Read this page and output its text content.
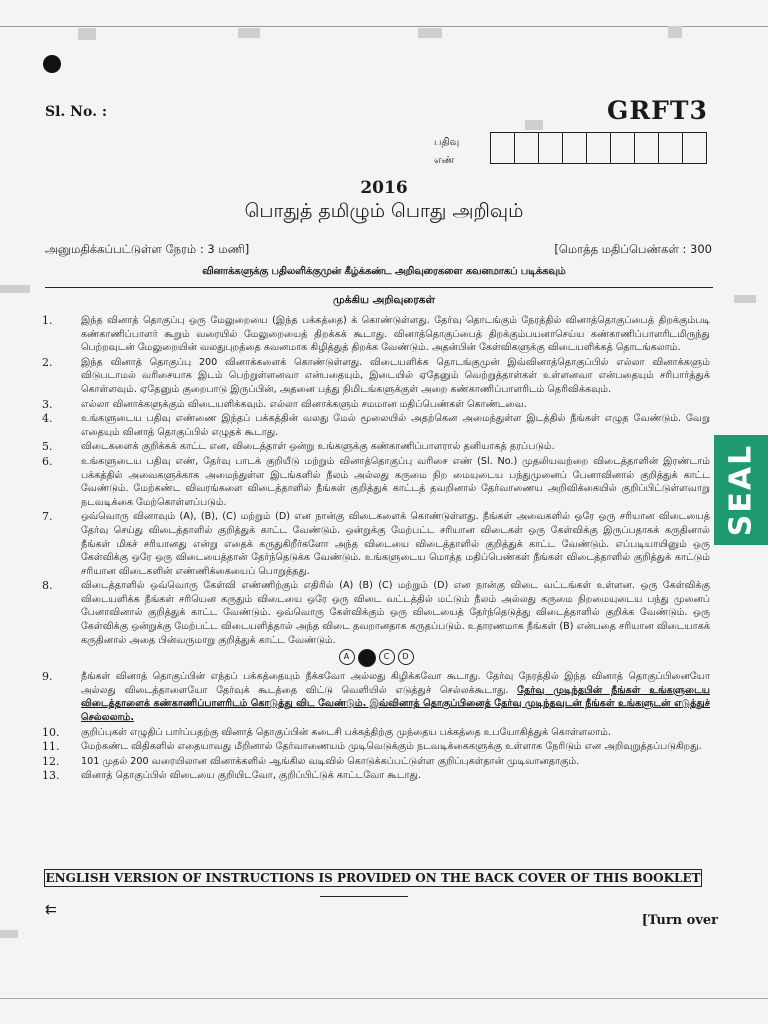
Sl. No. :	GRFT3
பதிவு
எண்
2016
பொதுத் தமிழும் பொது அறிவும்
அனுமதிக்கப்பட்டுள்ள நேரம் : 3 மணி]	[மொத்த மதிப்பெண்கள் : 300
வினாக்களுக்கு பதிலளிக்குமுன் கீழ்க்கண்ட அறிவுரைகளை கவனமாகப் படிக்கவும்
முக்கிய அறிவுரைகள்
1.	இந்த வினாத் தொகுப்பு ஒரு மேலுறையை (இந்த பக்கத்தை) க் கொண்டுள்ளது. தேர்வு தொடங்கும் நேரத்தில் வினாத்தொகுப்பைத் திறக்கும்படி கண்காணிப்பாளர் கூறும் வரையில் மேலுறையைத் திறக்கக் கூடாது. வினாத்தொகுப்பைத் திறக்கும்பயனாசெய்ய கண்காணிப்பாளரிடமிருந்து பெற்றவுடன் மேலுறையின் வலதுபுறத்தை கவனமாக கிழித்துத் திறக்க வேண்டும். அதன்பின் கேள்விகளுக்கு விடையளிக்கத் தொடங்கலாம்.
2.	இந்த வினாத் தொகுப்பு 200 வினாக்களைக் கொண்டுள்ளது. விடையளிக்க தொடங்குமுன் இவ்வினாத்தொகுப்பில் எல்லா வினாக்களும் விடுபடாமல் வரிசையாக இடம் பெற்றுள்ளனவா என்பதையும், இடையில் ஏதேனும் வெற்றுத்தாள்கள் உள்ளனவா என்பதையும் சரிபார்த்துக் கொள்ளவும். ஏதேனும் குறைபாடு இருப்பின், அதனை பத்து நிமிடங்களுக்குள் அறை கண்காணிப்பாளரிடம் தெரிவிக்கவும்.
3.	எல்லா வினாக்களுக்கும் விடையளிக்கவும். எல்லா வினாக்களும் சமமான மதிப்பெண்கள் கொண்டவை.
4.	உங்களுடைய பதிவு எண்ணை இந்தப் பக்கத்தின் வலது மேல் மூலையில் அதற்கென அமைந்துள்ள இடத்தில் நீங்கள் எழுத வேண்டும். வேறு எதையும் வினாத் தொகுப்பில் எழுதக் கூடாது.
5.	விடைகளைக் குறிக்கக் காட்ட என, விடைத்தாள் ஒன்று உங்களுக்கு கண்காணிப்பாளரால் தனியாகத் தரப்படும்.
6.	உங்களுடைய பதிவு எண், தேர்வு பாடக் குறியீடு மற்றும் வினாத்தொகுப்பு வரிசை எண் (Sl. No.) முதலியவற்றை விடைத்தாளின் இரண்டாம் பக்கத்தில் அவைகளுக்காக அமைந்துள்ள இடங்களில் நீலம் அல்லது கருமை நிற மையுடைய பந்துமுனைப் பேனாவினால் குறித்துக் காட்ட வேண்டும். மேற்கண்ட விவரங்களை விடைத்தாளில் நீங்கள் குறித்துக் காட்டத் தவறினால் தேர்வாணைய அறிவிக்கையில் குறிப்பிட்டுள்ளவாறு நடவடிக்கை மேற்கொள்ளப்படும்.
7.	ஒவ்வொரு வினாவும் (A), (B), (C) மற்றும் (D) என நான்கு விடைகளைக் கொண்டுள்ளது. நீங்கள் அவைகளில் ஒரே ஒரு சரியான விடையைத் தேர்வு செய்து விடைத்தாளில் குறித்துக் காட்ட வேண்டும். ஒன்றுக்கு மேற்பட்ட சரியான விடைகள் ஒரு கேள்விக்கு இருப்பதாகக் கருதினால் நீங்கள் மிகச் சரியானது என்று எதைக் கருதுகிறீர்களோ அந்த விடையை விடைத்தாளில் குறித்துக் காட்ட வேண்டும். எப்படியாயினும் ஒரு கேள்விக்கு ஒரே ஒரு விடையைத்தான் தேர்ந்தெடுக்க வேண்டும். உங்களுடைய மொத்த மதிப்பெண்கள் நீங்கள் விடைத்தாளில் குறித்துக் காட்டும் சரியான விடைகளின் எண்ணிக்கையைப் பொறுத்தது.
8.	விடைத்தாளில் ஒவ்வொரு கேள்வி எண்ணிற்கும் எதிரில் (A) (B) (C) மற்றும் (D) என நான்கு விடை வட்டங்கள் உள்ளன. ஒரு கேள்விக்கு விடையளிக்க நீங்கள் சரியென கருதும் விடையை ஒரே ஒரு விடை வட்டத்தில் மட்டும் நீலம் அல்லது கருமை நிறமையுடைய பந்து முனைப் பேனாவினால் குறித்துக் காட்ட வேண்டும். ஒவ்வொரு கேள்விக்கும் ஒரு விடையைத் தேர்ந்தெடுத்து விடைத்தாளில் குறிக்க வேண்டும். ஒரு கேள்விக்கு ஒன்றுக்கு மேற்பட்ட விடையளித்தால் அந்த விடை தவறானதாக கருதப்படும். உதாரணமாக நீங்கள் (B) என்பதை சரியான விடையாகக் கருதினால் அதை பின்வருமாறு குறித்துக் காட்ட வேண்டும்.
A	C	D
9.	நீங்கள் வினாத் தொகுப்பின் எந்தப் பக்கத்தையும் நீக்கவோ அல்லது கிழிக்கவோ கூடாது. தேர்வு நேரத்தில் இந்த வினாத் தொகுப்பினையோ அல்லது விடைத்தாளையோ தேர்வுக் கூடத்தை விட்டு வெளியில் எடுத்துச் செல்லக்கூடாது. தேர்வு முடிந்தபின் நீங்கள் உங்களுடைய விடைத்தாளைக் கண்காணிப்பாளரிடம் கொடுத்து விட வேண்டும். இவ்வினாத் தொகுப்பினைத் தேர்வு முடிந்தவுடன் நீங்கள் உங்களுடன் எடுத்துச் செல்லலாம்.
10.	குறிப்புகள் எழுதிப் பார்ப்பதற்கு வினாத் தொகுப்பின் கடைசி பக்கத்திற்கு முந்தைய பக்கத்தை உபயோகித்துக் கொள்ளலாம்.
11.	மேற்கண்ட விதிகளில் எதையாவது மீறினால் தேர்வாணையம் முடிவெடுக்கும் நடவடிக்கைகளுக்கு உள்ளாக நேரிடும் என அறிவுறுத்தப்படுகிறது.
12.	101 முதல் 200 வரையிலான வினாக்களில் ஆங்கில வடிவில் கொடுக்கப்பட்டுள்ள குறிப்புகள்தான் முடிவானதாகும்.
13.	வினாத் தொகுப்பில் விடையை குறியிடவோ, குறிப்பிட்டுக் காட்டவோ கூடாது.
ENGLISH VERSION OF INSTRUCTIONS IS PROVIDED ON THE BACK COVER OF THIS BOOKLET
⇇
[Turn over
SEAL
